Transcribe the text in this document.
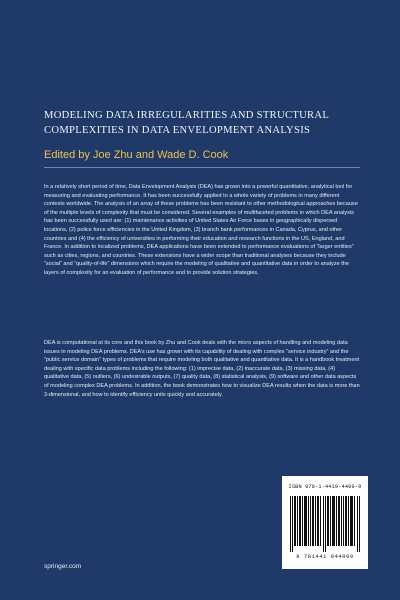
MODELING DATA IRREGULARITIES AND STRUCTURAL COMPLEXITIES IN DATA ENVELOPMENT ANALYSIS
Edited by Joe Zhu and Wade D. Cook
In a relatively short period of time, Data Envelopment Analysis (DEA) has grown into a powerful quantitative, analytical tool for measuring and evaluating performance. It has been successfully applied to a whole variety of problems in many different contexts worldwide. The analysis of an array of these problems has been resistant to other methodological approaches because of the multiple levels of complexity that must be considered. Several examples of multifaceted problems in which DEA analysis has been successfully used are: (1) maintenance activities of United States Air Force bases in geographically dispersed locations, (2) police force efficiencies in the United Kingdom, (3) branch bank performances in Canada, Cyprus, and other countries and (4) the efficiency of universities in performing their education and research functions in the US, England, and France. In addition to localized problems, DEA applications have been extended to performance evaluations of “larger entities” such as cities, regions, and countries. These extensions have a wider scope than traditional analyses because they include “social” and “quality-of-life” dimensions which require the modeling of qualitative and quantitative data in order to analyze the layers of complexity for an evaluation of performance and to provide solution strategies.
DEA is computational at its core and this book by Zhu and Cook deals with the micro aspects of handling and modeling data issues in modeling DEA problems. DEA’s use has grown with its capability of dealing with complex “service industry” and the “public service domain” types of problems that require modeling both qualitative and quantitative data. It is a handbook treatment dealing with specific data problems including the following: (1) imprecise data, (2) inaccurate data, (3) missing data, (4) qualitative data, (5) outliers, (6) undesirable outputs, (7) quality data, (8) statistical analysis, (9) software and other data aspects of modeling complex DEA problems. In addition, the book demonstrates how to visualize DEA results when the data is more than 3-dimensional, and how to identify efficiency units quickly and accurately.
ISBN 978-1-4419-4400-9
9 781441 944009
springer.com
